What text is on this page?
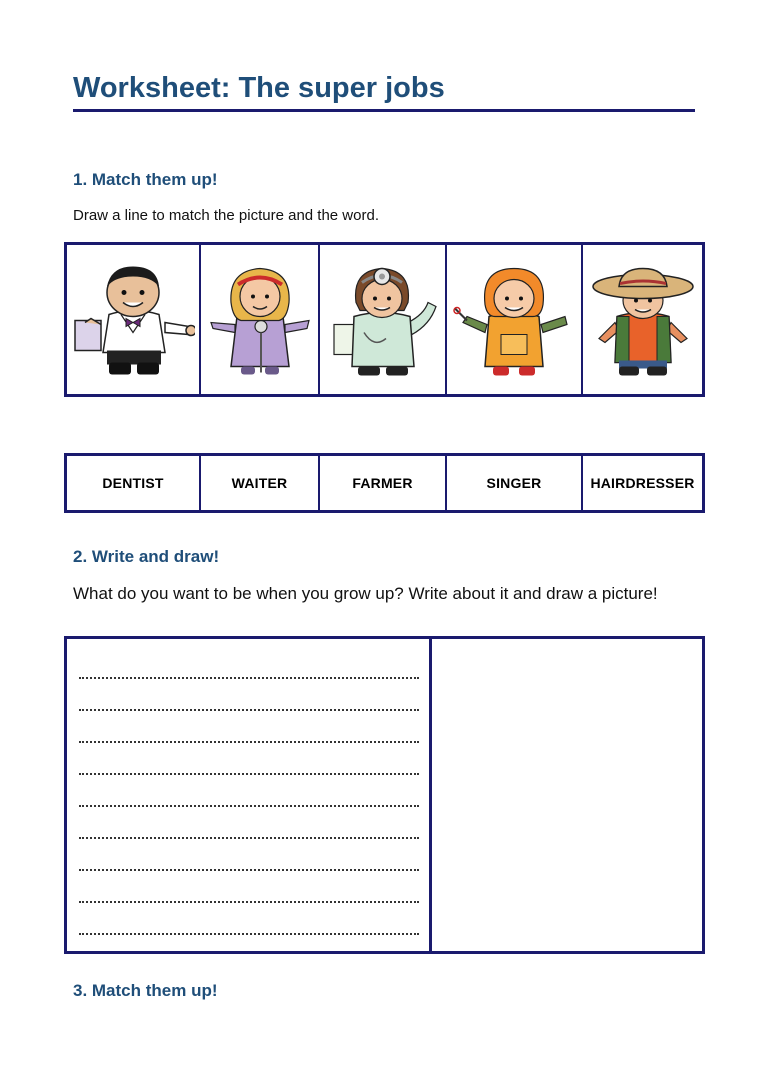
Worksheet: The super jobs
1. Match them up!

Draw a line to match the picture and the word.

DENTIST	WAITER	FARMER	SINGER	HAIRDRESSER
2. Write and draw!

What do you want to be when you grow up? Write about it and draw a picture!

3. Match them up!
